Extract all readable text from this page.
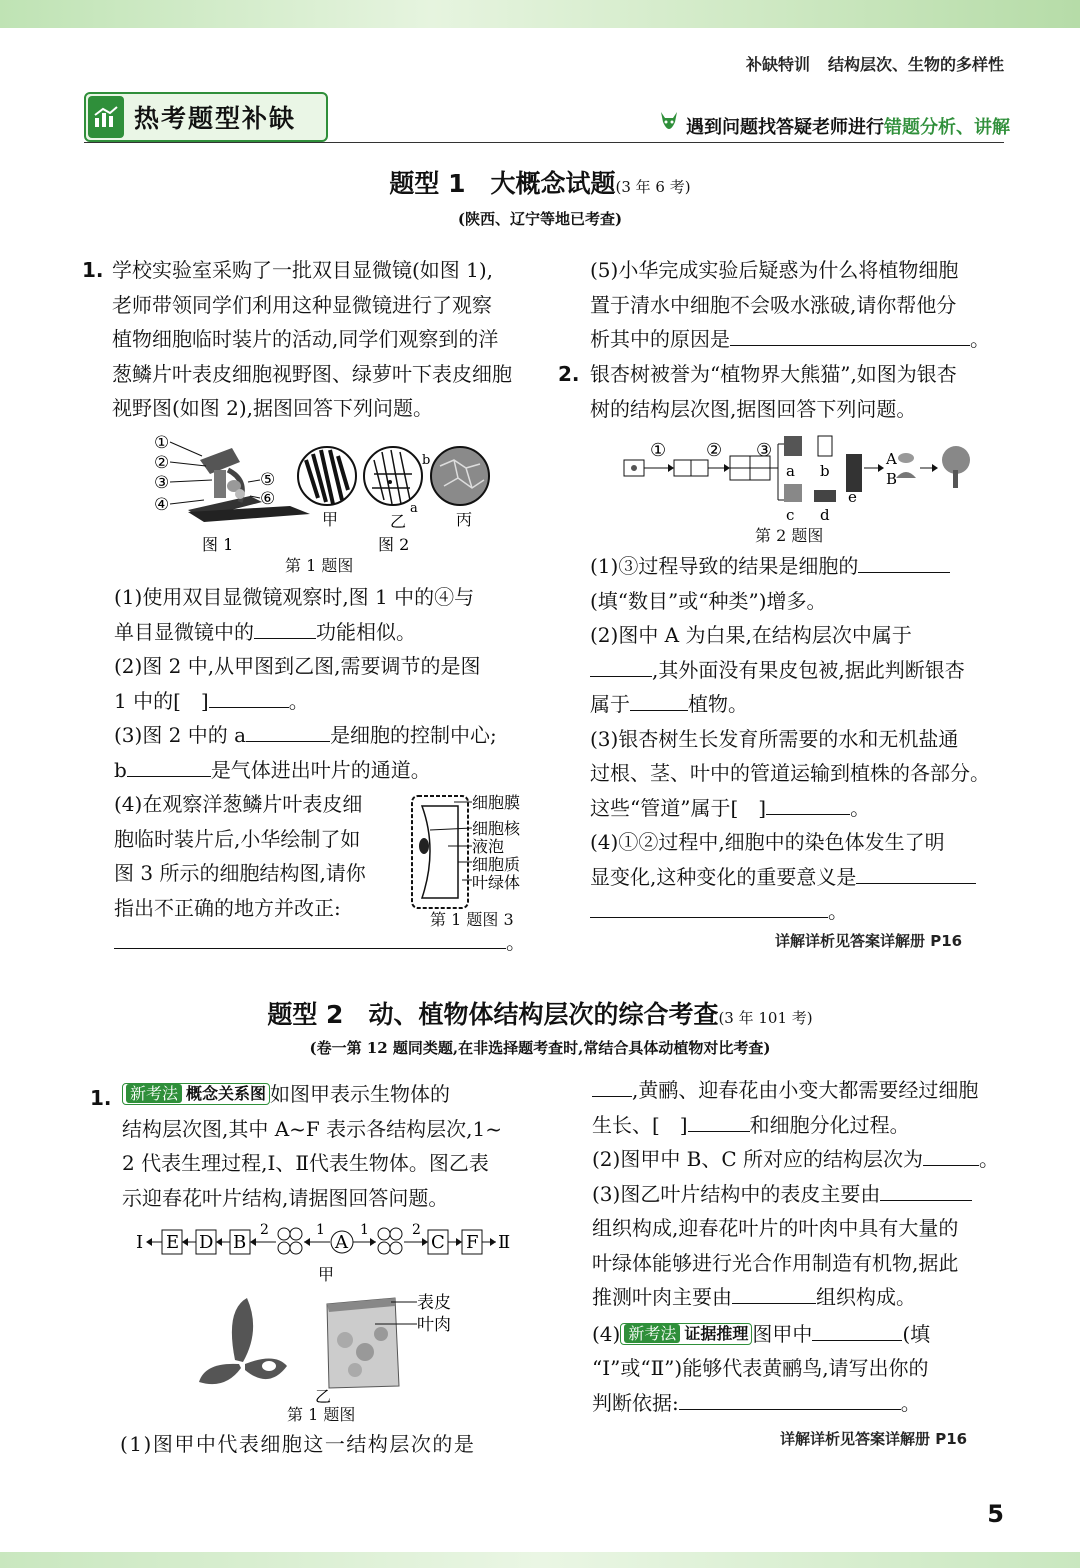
补缺特训 结构层次、生物的多样性
热考题型补缺	遇到问题找答疑老师进行 错题分析、讲解
题型 1　大概念试题(3 年 6 考)
(陕西、辽宁等地已考查)
1. 学校实验室采购了一批双目显微镜(如图 1),

老师带领同学们利用这种显微镜进行了观察

植物细胞临时装片的活动,同学们观察到的洋

葱鳞片叶表皮细胞视野图、绿萝叶下表皮细胞

视野图(如图 2),据图回答下列问题。

①
②
③
④
⑤
⑥
图 1
甲	乙	丙
a
b
图 2
第 1 题图

(1)使用双目显微镜观察时,图 1 中的④与

单目显微镜中的	功能相似。

(2)图 2 中,从甲图到乙图,需要调节的是图

1 中的[　]	。

(3)图 2 中的 a	是细胞的控制中心;

b	是气体进出叶片的通道。

(4)在观察洋葱鳞片叶表皮细

胞临时装片后,小华绘制了如

图 3 所示的细胞结构图,请你

指出不正确的地方并改正:

。

细胞膜
细胞核
液泡
细胞质
叶绿体
第 1 题图 3

(5)小华完成实验后疑惑为什么将植物细胞

置于清水中细胞不会吸水涨破,请你帮他分

析其中的原因是	。

2. 银杏树被誉为“植物界大熊猫”,如图为银杏

树的结构层次图,据图回答下列问题。

① ② ③
a b
c d
e
A
B
第 2 题图

(1)③过程导致的结果是细胞的

(填“数目”或“种类”)增多。

(2)图中 A 为白果,在结构层次中属于

,其外面没有果皮包被,据此判断银杏

属于	植物。

(3)银杏树生长发育所需要的水和无机盐通

过根、茎、叶中的管道运输到植株的各部分。

这些“管道”属于[　]	。

(4)①②过程中,细胞中的染色体发生了明

显变化,这种变化的重要意义是

。

详解详析见答案详解册 P16
题型 2　动、植物体结构层次的综合考查(3 年 101 考)
(卷一第 12 题同类题,在非选择题考查时,常结合具体动植物对比考查)
1.	新考法 概念关系图 如图甲表示生物体的

结构层次图,其中 A~F 表示各结构层次,1~

2 代表生理过程,Ⅰ、Ⅱ代表生物体。图乙表

示迎春花叶片结构,请据图回答问题。

Ⅰ E D B
2	1
A
1	2
C F Ⅱ
甲
表皮
叶肉
乙
第 1 题图
(1)图甲中代表细胞这一结构层次的是

,黄鹂、迎春花由小变大都需要经过细胞

生长、[　]	和细胞分化过程。

(2)图甲中 B、C 所对应的结构层次为	。

(3)图乙叶片结构中的表皮主要由

组织构成,迎春花叶片的叶肉中具有大量的

叶绿体能够进行光合作用制造有机物,据此

推测叶肉主要由	组织构成。

(4) 新考法 证据推理 图甲中	(填

“Ⅰ”或“Ⅱ”)能够代表黄鹂鸟,请写出你的

判断依据:	。

详解详析见答案详解册 P16
5
